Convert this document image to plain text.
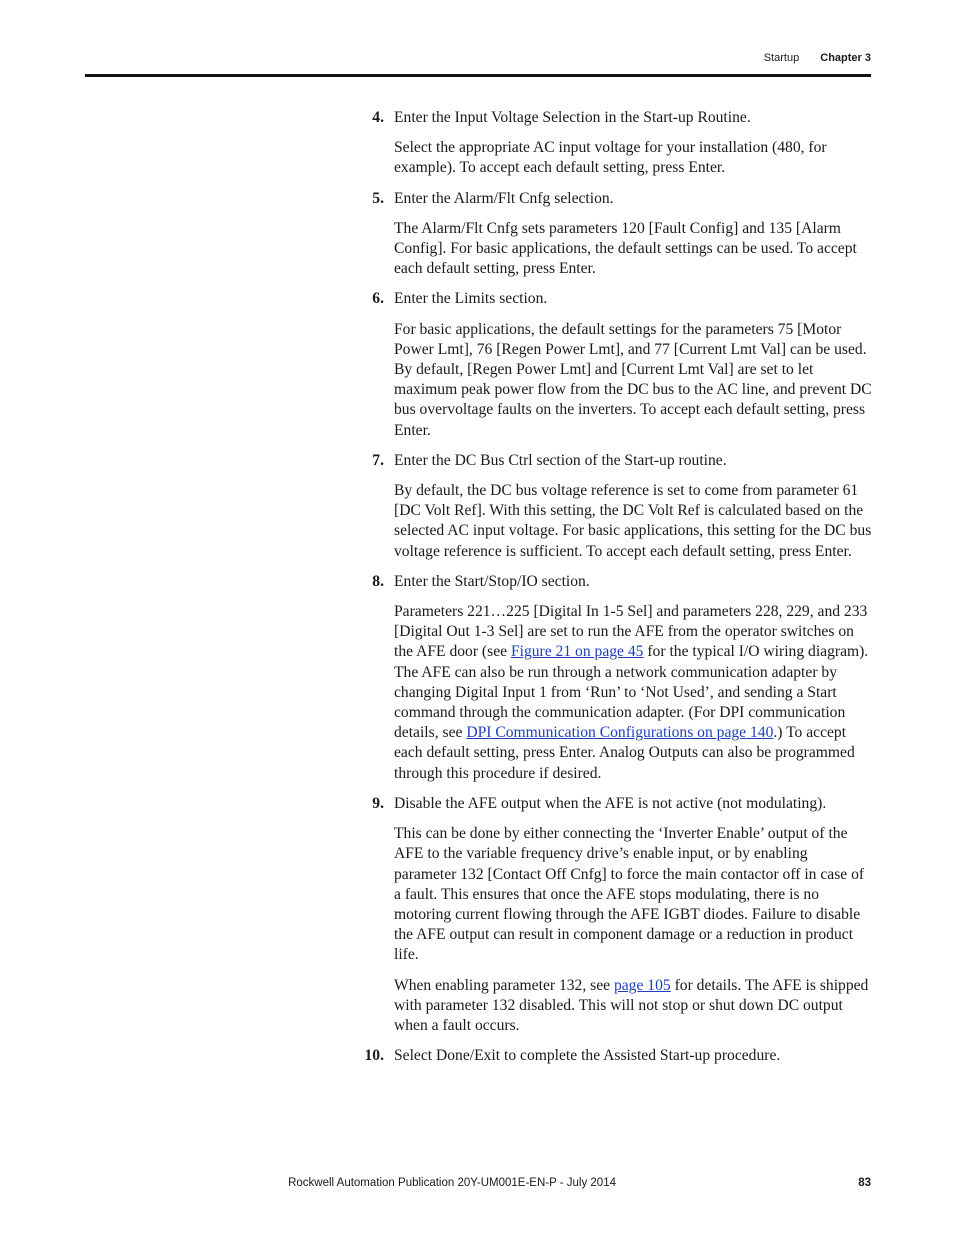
Startup Chapter 3
4. Enter the Input Voltage Selection in the Start-up Routine.

Select the appropriate AC input voltage for your installation (480, for example). To accept each default setting, press Enter.

5. Enter the Alarm/Flt Cnfg selection.

The Alarm/Flt Cnfg sets parameters 120 [Fault Config] and 135 [Alarm Config]. For basic applications, the default settings can be used. To accept each default setting, press Enter.

6. Enter the Limits section.

For basic applications, the default settings for the parameters 75 [Motor Power Lmt], 76 [Regen Power Lmt], and 77 [Current Lmt Val] can be used. By default, [Regen Power Lmt] and [Current Lmt Val] are set to let maximum peak power flow from the DC bus to the AC line, and prevent DC bus overvoltage faults on the inverters. To accept each default setting, press Enter.

7. Enter the DC Bus Ctrl section of the Start-up routine.

By default, the DC bus voltage reference is set to come from parameter 61 [DC Volt Ref]. With this setting, the DC Volt Ref is calculated based on the selected AC input voltage. For basic applications, this setting for the DC bus voltage reference is sufficient. To accept each default setting, press Enter.

8. Enter the Start/Stop/IO section.

Parameters 221…225 [Digital In 1-5 Sel] and parameters 228, 229, and 233 [Digital Out 1-3 Sel] are set to run the AFE from the operator switches on the AFE door (see Figure 21 on page 45 for the typical I/O wiring diagram). The AFE can also be run through a network communication adapter by changing Digital Input 1 from ‘Run’ to ‘Not Used’, and sending a Start command through the communication adapter. (For DPI communication details, see DPI Communication Configurations on page 140.) To accept each default setting, press Enter. Analog Outputs can also be programmed through this procedure if desired.

9. Disable the AFE output when the AFE is not active (not modulating).

This can be done by either connecting the ‘Inverter Enable’ output of the AFE to the variable frequency drive’s enable input, or by enabling parameter 132 [Contact Off Cnfg] to force the main contactor off in case of a fault. This ensures that once the AFE stops modulating, there is no motoring current flowing through the AFE IGBT diodes. Failure to disable the AFE output can result in component damage or a reduction in product life.

When enabling parameter 132, see page 105 for details. The AFE is shipped with parameter 132 disabled. This will not stop or shut down DC output when a fault occurs.

10. Select Done/Exit to complete the Assisted Start-up procedure.

Rockwell Automation Publication 20Y-UM001E-EN-P - July 2014	83
